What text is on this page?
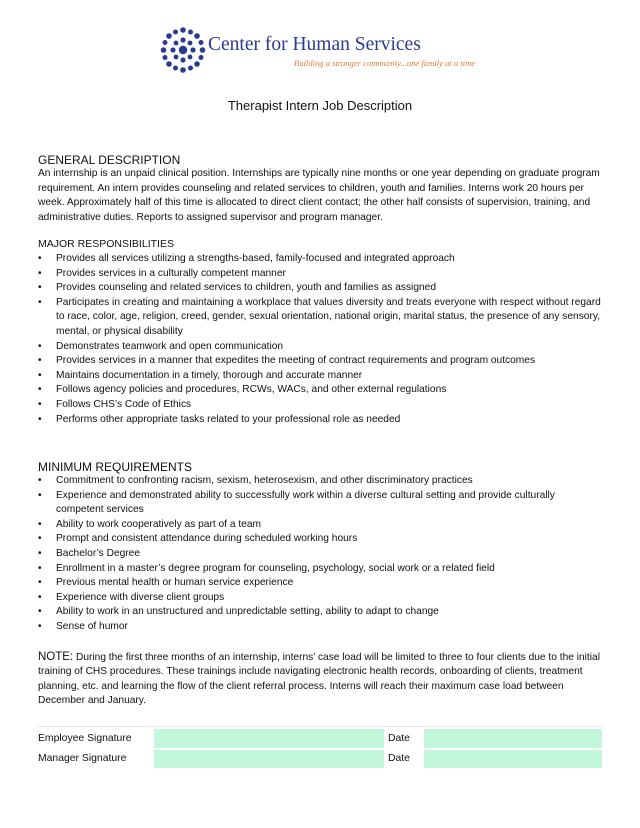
Center for Human Services
Building a stronger community...one family at a time
Therapist Intern Job Description

GENERAL DESCRIPTION

An internship is an unpaid clinical position. Internships are typically nine months or one year depending on graduate program requirement. An intern provides counseling and related services to children, youth and families. Interns work 20 hours per week. Approximately half of this time is allocated to direct client contact; the other half consists of supervision, training, and administrative duties. Reports to assigned supervisor and program manager.

MAJOR RESPONSIBILITIES

• Provides all services utilizing a strengths-based, family-focused and integrated approach
• Provides services in a culturally competent manner
• Provides counseling and related services to children, youth and families as assigned
• Participates in creating and maintaining a workplace that values diversity and treats everyone with respect without regard to race, color, age, religion, creed, gender, sexual orientation, national origin, marital status, the presence of any sensory, mental, or physical disability
• Demonstrates teamwork and open communication
• Provides services in a manner that expedites the meeting of contract requirements and program outcomes
• Maintains documentation in a timely, thorough and accurate manner
• Follows agency policies and procedures, RCWs, WACs, and other external regulations
• Follows CHS’s Code of Ethics
• Performs other appropriate tasks related to your professional role as needed

MINIMUM REQUIREMENTS

• Commitment to confronting racism, sexism, heterosexism, and other discriminatory practices
• Experience and demonstrated ability to successfully work within a diverse cultural setting and provide culturally competent services
• Ability to work cooperatively as part of a team
• Prompt and consistent attendance during scheduled working hours
• Bachelor’s Degree
• Enrollment in a master’s degree program for counseling, psychology, social work or a related field
• Previous mental health or human service experience
• Experience with diverse client groups
• Ability to work in an unstructured and unpredictable setting, ability to adapt to change
• Sense of humor

NOTE: During the first three months of an internship, interns’ case load will be limited to three to four clients due to the initial training of CHS procedures. These trainings include navigating electronic health records, onboarding of clients, treatment planning, etc. and learning the flow of the client referral process. Interns will reach their maximum case load between December and January.

Employee Signature		Date	
Manager Signature		Date	
